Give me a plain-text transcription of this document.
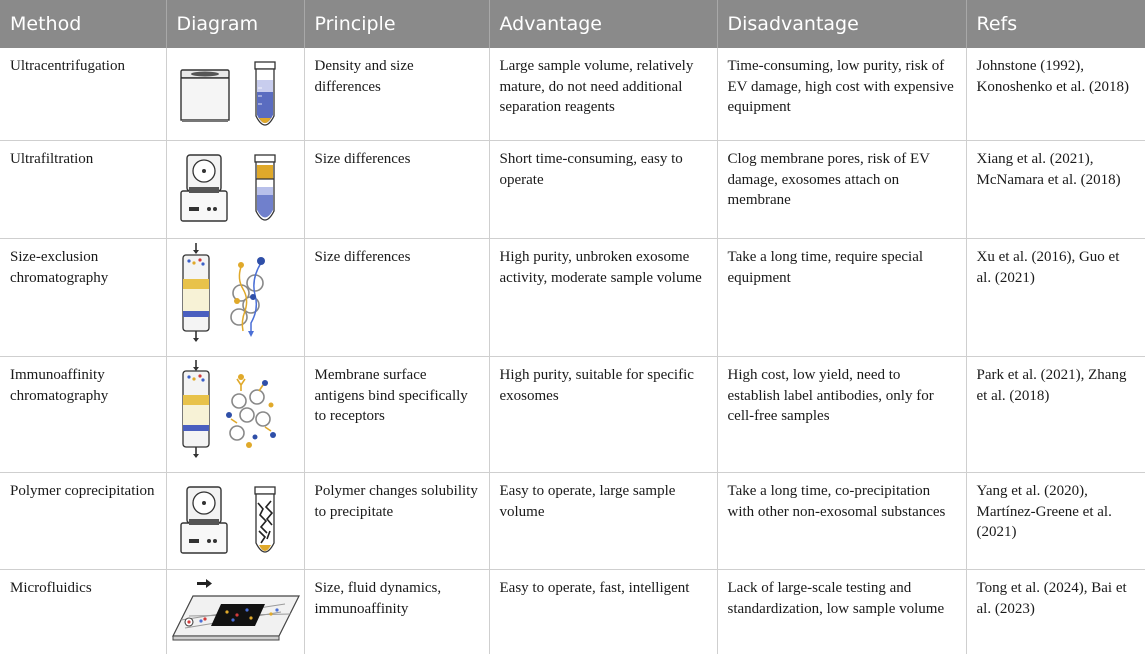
Method	Diagram	Principle	Advantage	Disadvantage	Refs
Ultracentrifugation		Density and size differences	Large sample volume, relatively mature, do not need additional separation reagents	Time-consuming, low purity, risk of EV damage, high cost with expensive equipment	Johnstone (1992), Konoshenko et al. (2018)
Ultrafiltration		Size differences	Short time-consuming, easy to operate	Clog membrane pores, risk of EV damage, exosomes attach on membrane	Xiang et al. (2021), McNamara et al. (2018)
Size-exclusion chromatography		Size differences	High purity, unbroken exosome activity, moderate sample volume	Take a long time, require special equipment	Xu et al. (2016), Guo et al. (2021)
Immunoaffinity chromatography		Membrane surface antigens bind specifically to receptors	High purity, suitable for specific exosomes	High cost, low yield, need to establish label antibodies, only for cell-free samples	Park et al. (2021), Zhang et al. (2018)
Polymer coprecipitation		Polymer changes solubility to precipitate	Easy to operate, large sample volume	Take a long time, co-precipitation with other non-exosomal substances	Yang et al. (2020), Martínez-Greene et al. (2021)
Microfluidics		Size, fluid dynamics, immunoaffinity	Easy to operate, fast, intelligent	Lack of large-scale testing and standardization, low sample volume	Tong et al. (2024), Bai et al. (2023)
